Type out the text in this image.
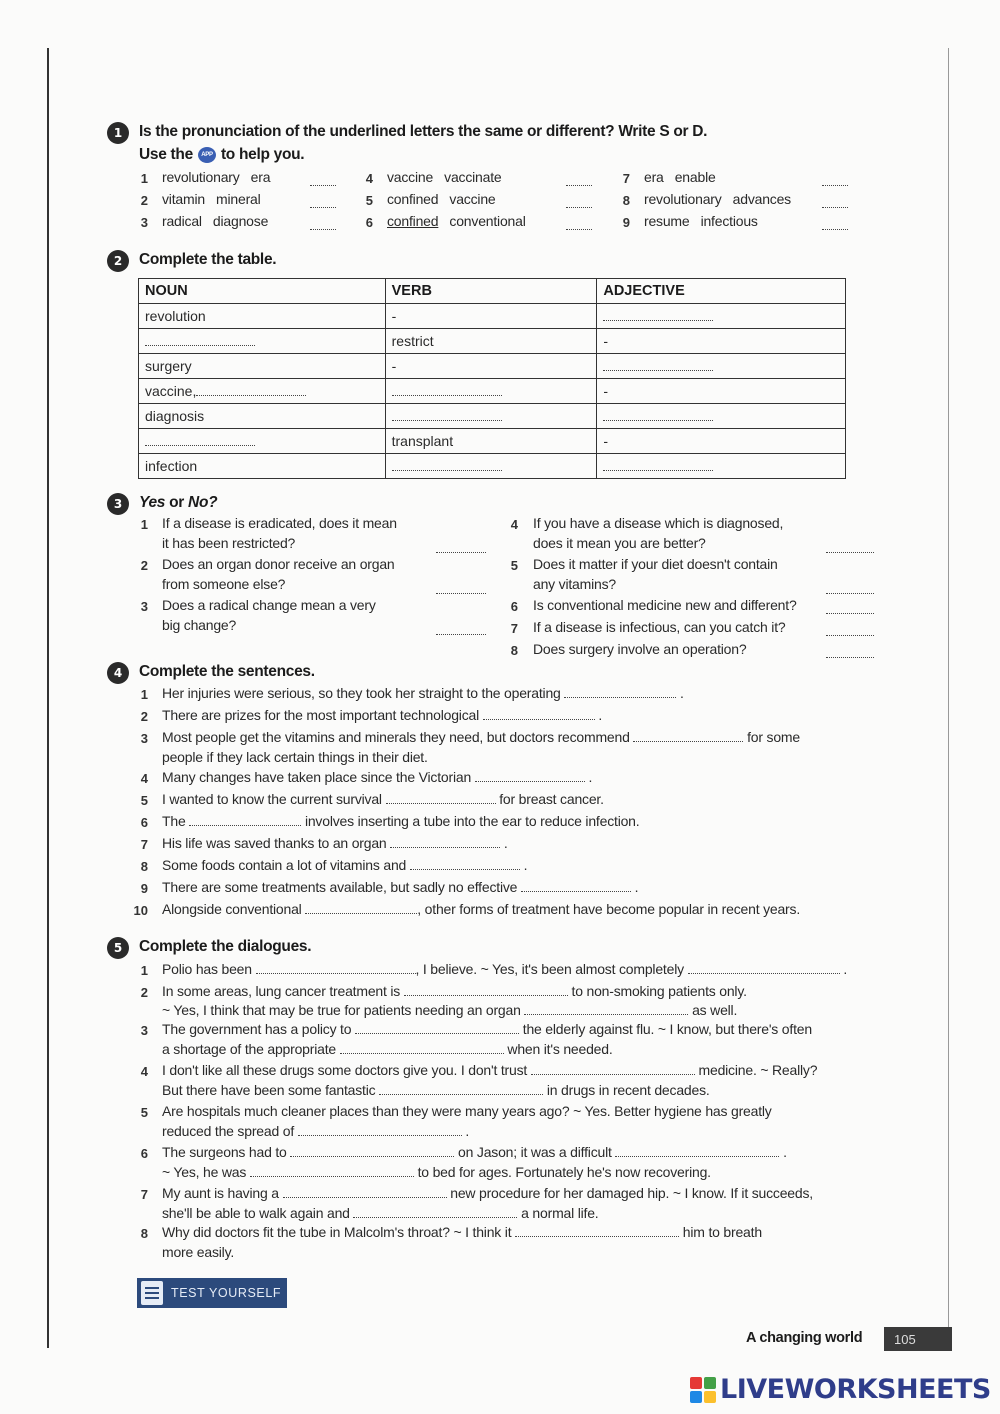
1	Is the pronunciation of the underlined letters the same or different? Write S or D.
Use the APP to help you.
1 revolutionary era
2 vitamin mineral
3 radical diagnose
4 vaccine vaccinate
5 confined vaccine
6 confined conventional
7 era enable
8 revolutionary advances
9 resume infectious
2	Complete the table.
NOUN	VERB	ADJECTIVE
revolution	-	
	restrict	-
surgery	-	
vaccine,		-
diagnosis		
	transplant	-
infection		
3	Yes or No?
1 If a disease is eradicated, does it mean
it has been restricted?
2 Does an organ donor receive an organ
from someone else?
3 Does a radical change mean a very
big change?
4 If you have a disease which is diagnosed,
does it mean you are better?
5 Does it matter if your diet doesn't contain
any vitamins?
6 Is conventional medicine new and different?
7 If a disease is infectious, can you catch it?
8 Does surgery involve an operation?
4	Complete the sentences.
1 Her injuries were serious, so they took her straight to the operating	.
2 There are prizes for the most important technological	.
3 Most people get the vitamins and minerals they need, but doctors recommend	for some
people if they lack certain things in their diet.
4 Many changes have taken place since the Victorian	.
5 I wanted to know the current survival	for breast cancer.
6 The	involves inserting a tube into the ear to reduce infection.
7 His life was saved thanks to an organ	.
8 Some foods contain a lot of vitamins and	.
9 There are some treatments available, but sadly no effective	.
10 Alongside conventional	, other forms of treatment have become popular in recent years.
5	Complete the dialogues.
1 Polio has been	, I believe. ~ Yes, it's been almost completely	.
2 In some areas, lung cancer treatment is	to non-smoking patients only.
~ Yes, I think that may be true for patients needing an organ	as well.
3 The government has a policy to	the elderly against flu. ~ I know, but there's often
a shortage of the appropriate	when it's needed.
4 I don't like all these drugs some doctors give you. I don't trust	medicine. ~ Really?
But there have been some fantastic	in drugs in recent decades.
5 Are hospitals much cleaner places than they were many years ago? ~ Yes. Better hygiene has greatly
reduced the spread of	.
6 The surgeons had to	on Jason; it was a difficult	.
~ Yes, he was	to bed for ages. Fortunately he's now recovering.
7 My aunt is having a	new procedure for her damaged hip. ~ I know. If it succeeds,
she'll be able to walk again and	a normal life.
8 Why did doctors fit the tube in Malcolm's throat? ~ I think it	him to breath
more easily.
TEST YOURSELF
A changing world	105
LIVEWORKSHEETS
